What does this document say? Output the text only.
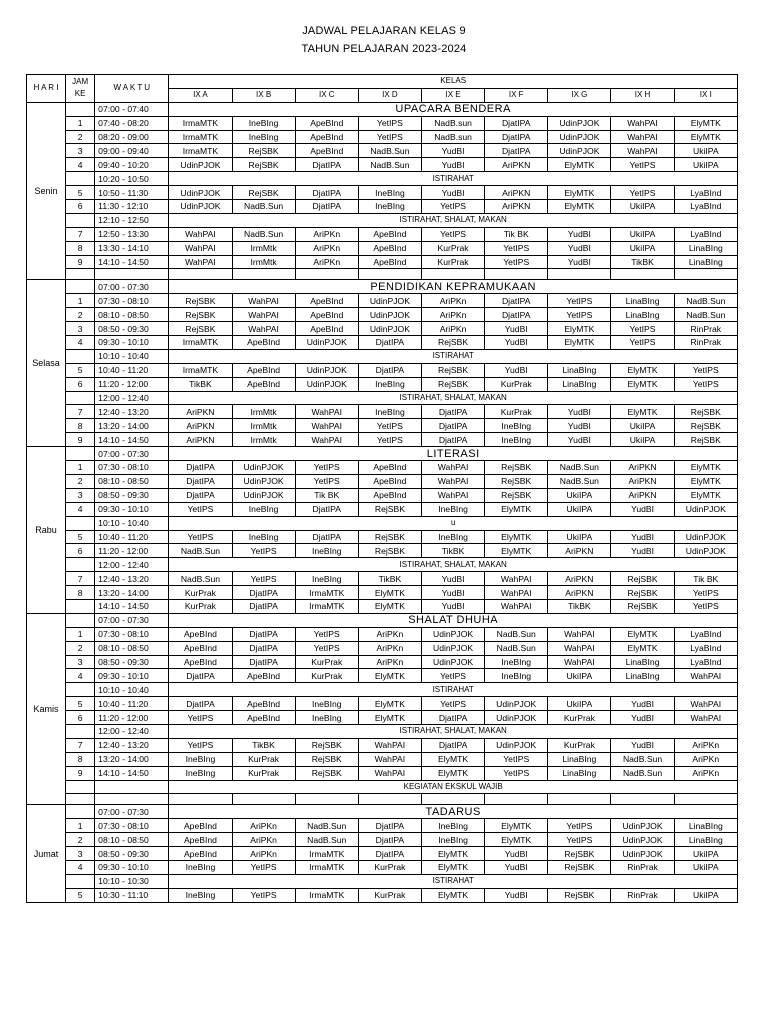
JADWAL PELAJARAN KELAS 9
TAHUN PELAJARAN 2023-2024
H A R I	JAM KE	W A K T U	KELAS								
			IX A	IX B	IX C	IX D	IX E	IX F	IX G	IX H	IX I
Senin		07:00 - 07:40	UPACARA BENDERA								
	1	07:40 - 08:20	IrmaMTK	IneBIng	ApeBInd	YetIPS	NadB.sun	DjatIPA	UdinPJOK	WahPAI	ElyMTK
	2	08:20 - 09:00	IrmaMTK	IneBIng	ApeBInd	YetIPS	NadB.sun	DjatIPA	UdinPJOK	WahPAI	ElyMTK
	3	09:00 - 09:40	IrmaMTK	RejSBK	ApeBInd	NadB.Sun	YudBI	DjatIPA	UdinPJOK	WahPAI	UkiIPA
	4	09:40 - 10:20	UdinPJOK	RejSBK	DjatIPA	NadB.Sun	YudBI	AriPKN	ElyMTK	YetIPS	UkiIPA
		10:20 - 10:50	ISTIRAHAT								
	5	10:50 - 11:30	UdinPJOK	RejSBK	DjatIPA	IneBIng	YudBI	AriPKN	ElyMTK	YetIPS	LyaBInd
	6	11:30 - 12:10	UdinPJOK	NadB.Sun	DjatIPA	IneBIng	YetIPS	AriPKN	ElyMTK	UkiIPA	LyaBInd
		12:10 - 12:50	ISTIRAHAT, SHALAT, MAKAN								
	7	12:50 - 13:30	WahPAI	NadB.Sun	AriPKn	ApeBInd	YetIPS	Tik BK	YudBI	UkiIPA	LyaBInd
	8	13:30 - 14:10	WahPAI	IrmMtk	AriPKn	ApeBInd	KurPrak	YetIPS	YudBI	UkiIPA	LinaBIng
	9	14:10 - 14:50	WahPAI	IrmMtk	AriPKn	ApeBInd	KurPrak	YetIPS	YudBI	TikBK	LinaBIng

Selasa		07:00 - 07:30	PENDIDIKAN KEPRAMUKAAN								
	1	07:30 - 08:10	RejSBK	WahPAI	ApeBInd	UdinPJOK	AriPKn	DjatIPA	YetIPS	LinaBIng	NadB.Sun
	2	08:10 - 08:50	RejSBK	WahPAI	ApeBInd	UdinPJOK	AriPKn	DjatIPA	YetIPS	LinaBIng	NadB.Sun
	3	08:50 - 09:30	RejSBK	WahPAI	ApeBInd	UdinPJOK	AriPKn	YudBI	ElyMTK	YetIPS	RinPrak
	4	09:30 - 10:10	IrmaMTK	ApeBInd	UdinPJOK	DjatIPA	RejSBK	YudBI	ElyMTK	YetIPS	RinPrak
		10:10 - 10:40	ISTIRAHAT								
	5	10:40 - 11:20	IrmaMTK	ApeBInd	UdinPJOK	DjatIPA	RejSBK	YudBI	LinaBIng	ElyMTK	YetIPS
	6	11:20 - 12:00	TikBK	ApeBInd	UdinPJOK	IneBIng	RejSBK	KurPrak	LinaBIng	ElyMTK	YetIPS
		12:00 - 12:40	ISTIRAHAT, SHALAT, MAKAN								
	7	12:40 - 13:20	AriPKN	IrmMtk	WahPAI	IneBIng	DjatIPA	KurPrak	YudBI	ElyMTK	RejSBK
	8	13:20 - 14:00	AriPKN	IrmMtk	WahPAI	YetIPS	DjatIPA	IneBIng	YudBI	UkiIPA	RejSBK
	9	14:10 - 14:50	AriPKN	IrmMtk	WahPAI	YetIPS	DjatIPA	IneBIng	YudBI	UkiIPA	RejSBK
Rabu		07:00 - 07:30	LITERASI								
	1	07:30 - 08:10	DjatIPA	UdinPJOK	YetIPS	ApeBInd	WahPAI	RejSBK	NadB.Sun	AriPKN	ElyMTK
	2	08:10 - 08:50	DjatIPA	UdinPJOK	YetIPS	ApeBInd	WahPAI	RejSBK	NadB.Sun	AriPKN	ElyMTK
	3	08:50 - 09:30	DjatIPA	UdinPJOK	Tik BK	ApeBInd	WahPAI	RejSBK	UkiIPA	AriPKN	ElyMTK
	4	09:30 - 10:10	YetIPS	IneBIng	DjatIPA	RejSBK	IneBIng	ElyMTK	UkiIPA	YudBI	UdinPJOK
		10:10 - 10:40	u								
	5	10:40 - 11:20	YetIPS	IneBIng	DjatIPA	RejSBK	IneBIng	ElyMTK	UkiIPA	YudBI	UdinPJOK
	6	11:20 - 12:00	NadB.Sun	YetIPS	IneBIng	RejSBK	TikBK	ElyMTK	AriPKN	YudBI	UdinPJOK
		12:00 - 12:40	ISTIRAHAT, SHALAT, MAKAN								
	7	12:40 - 13:20	NadB.Sun	YetIPS	IneBIng	TikBK	YudBI	WahPAI	AriPKN	RejSBK	Tik BK
	8	13:20 - 14:00	KurPrak	DjatIPA	IrmaMTK	ElyMTK	YudBI	WahPAI	AriPKN	RejSBK	YetIPS
		14:10 - 14:50	KurPrak	DjatIPA	IrmaMTK	ElyMTK	YudBI	WahPAI	TikBK	RejSBK	YetIPS
Kamis		07:00 - 07:30	SHALAT DHUHA								
	1	07:30 - 08:10	ApeBInd	DjatIPA	YetIPS	AriPKn	UdinPJOK	NadB.Sun	WahPAI	ElyMTK	LyaBInd
	2	08:10 - 08:50	ApeBInd	DjatIPA	YetIPS	AriPKn	UdinPJOK	NadB.Sun	WahPAI	ElyMTK	LyaBInd
	3	08:50 - 09:30	ApeBInd	DjatIPA	KurPrak	AriPKn	UdinPJOK	IneBIng	WahPAI	LinaBIng	LyaBInd
	4	09:30 - 10:10	DjatIPA	ApeBInd	KurPrak	ElyMTK	YetIPS	IneBIng	UkiIPA	LinaBIng	WahPAI
		10:10 - 10:40	ISTIRAHAT								
	5	10:40 - 11:20	DjatIPA	ApeBInd	IneBIng	ElyMTK	YetIPS	UdinPJOK	UkiIPA	YudBI	WahPAI
	6	11:20 - 12:00	YetIPS	ApeBInd	IneBIng	ElyMTK	DjatIPA	UdinPJOK	KurPrak	YudBI	WahPAI
		12:00 - 12:40	ISTIRAHAT, SHALAT, MAKAN								
	7	12:40 - 13:20	YetIPS	TikBK	RejSBK	WahPAI	DjatIPA	UdinPJOK	KurPrak	YudBI	AriPKn
	8	13:20 - 14:00	IneBIng	KurPrak	RejSBK	WahPAI	ElyMTK	YetIPS	LinaBIng	NadB.Sun	AriPKn
	9	14:10 - 14:50	IneBIng	KurPrak	RejSBK	WahPAI	ElyMTK	YetIPS	LinaBIng	NadB.Sun	AriPKn
			KEGIATAN EKSKUL WAJIB								

Jumat		07:00 - 07:30	TADARUS								
	1	07:30 - 08:10	ApeBInd	AriPKn	NadB.Sun	DjatIPA	IneBIng	ElyMTK	YetIPS	UdinPJOK	LinaBIng
	2	08:10 - 08:50	ApeBInd	AriPKn	NadB.Sun	DjatIPA	IneBIng	ElyMTK	YetIPS	UdinPJOK	LinaBIng
	3	08:50 - 09:30	ApeBInd	AriPKn	IrmaMTK	DjatIPA	ElyMTK	YudBI	RejSBK	UdinPJOK	UkiIPA
	4	09:30 - 10:10	IneBIng	YetIPS	IrmaMTK	KurPrak	ElyMTK	YudBI	RejSBK	RinPrak	UkiIPA
		10:10 - 10:30	ISTIRAHAT								
	5	10:30 - 11:10	IneBIng	YetIPS	IrmaMTK	KurPrak	ElyMTK	YudBI	RejSBK	RinPrak	UkiIPA
